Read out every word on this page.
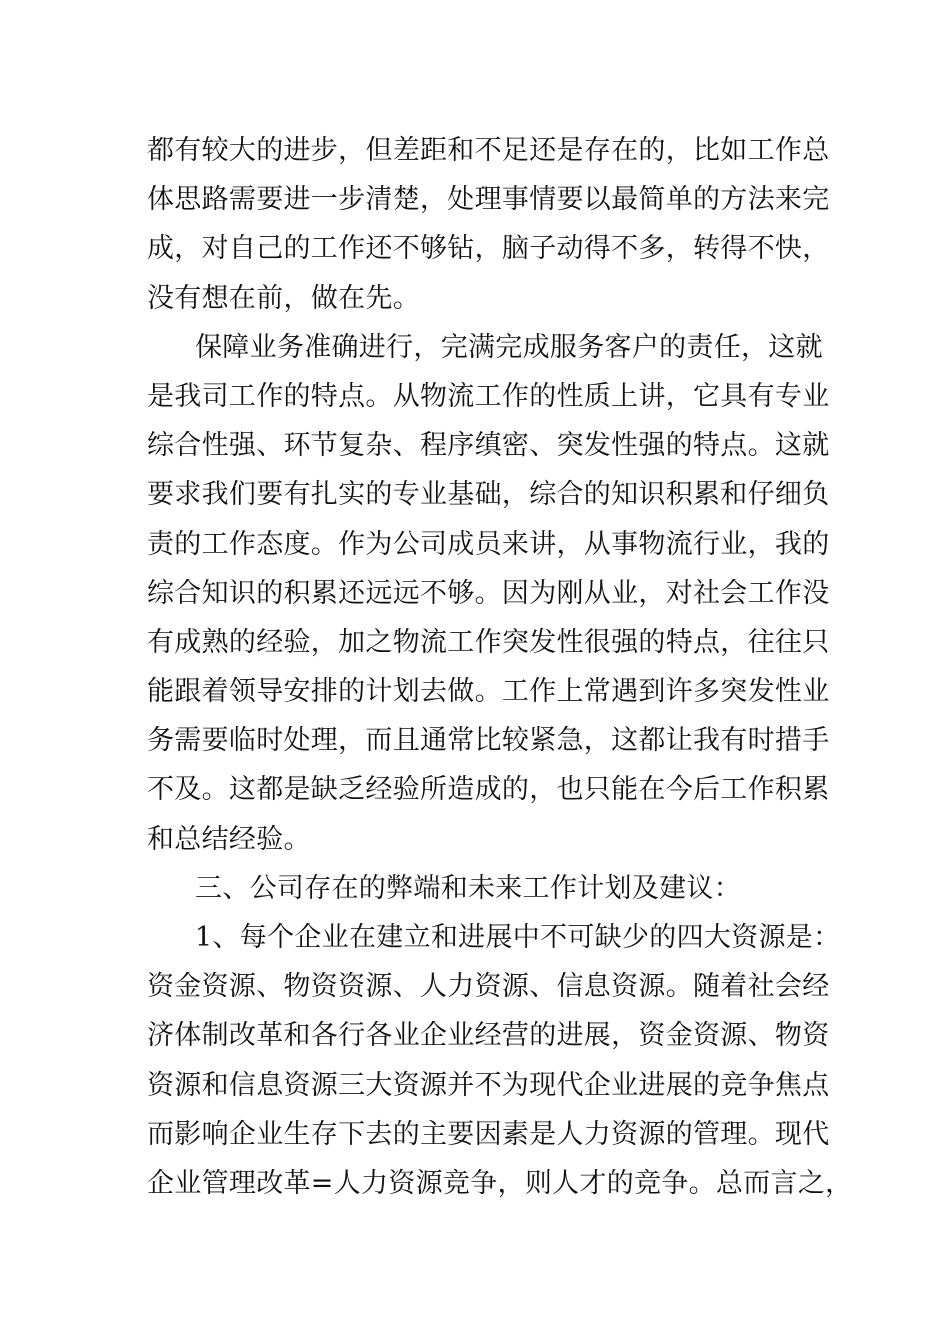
都有较大的进步，但差距和不足还是存在的，比如工作总
体思路需要进一步清楚，处理事情要以最简单的方法来完
成，对自己的工作还不够钻，脑子动得不多，转得不快，
没有想在前，做在先。
保障业务准确进行，完满完成服务客户的责任，这就
是我司工作的特点。从物流工作的性质上讲，它具有专业
综合性强、环节复杂、程序缜密、突发性强的特点。这就
要求我们要有扎实的专业基础，综合的知识积累和仔细负
责的工作态度。作为公司成员来讲，从事物流行业，我的
综合知识的积累还远远不够。因为刚从业，对社会工作没
有成熟的经验，加之物流工作突发性很强的特点，往往只
能跟着领导安排的计划去做。工作上常遇到许多突发性业
务需要临时处理，而且通常比较紧急，这都让我有时措手
不及。这都是缺乏经验所造成的，也只能在今后工作积累
和总结经验。
三、公司存在的弊端和未来工作计划及建议：
1、每个企业在建立和进展中不可缺少的四大资源是：
资金资源、物资资源、人力资源、信息资源。随着社会经
济体制改革和各行各业企业经营的进展，资金资源、物资
资源和信息资源三大资源并不为现代企业进展的竞争焦点
而影响企业生存下去的主要因素是人力资源的管理。现代
企业管理改革=人力资源竞争，则人才的竞争。总而言之，
